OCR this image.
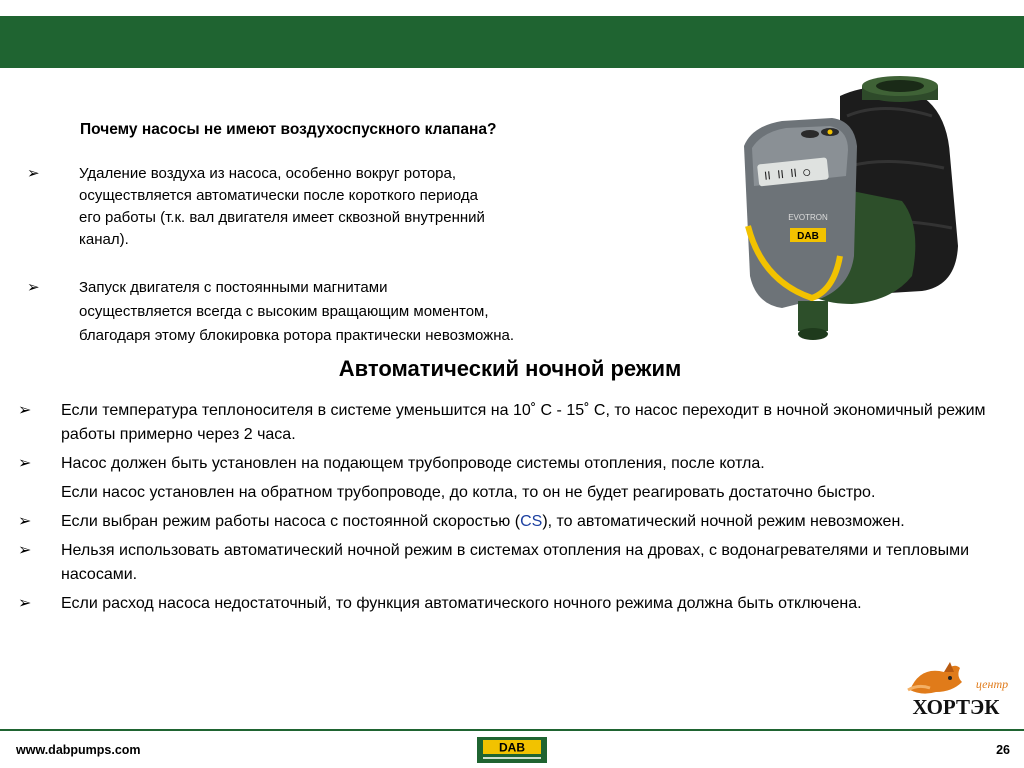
Почему насосы не имеют воздухоспускного клапана?
➢	Удаление воздуха из насоса, особенно вокруг ротора,
осуществляется автоматически после короткого периода
его работы (т.к. вал двигателя имеет сквозной внутренний
канал).
➢	Запуск двигателя с постоянными магнитами
осуществляется всегда с высоким вращающим моментом,
благодаря этому блокировка ротора практически невозможна.
ⅠⅠ ⅠⅠ ⅠⅠ ◯
DAB
EVOTRON
Автоматический ночной режим
➢ Если температура теплоносителя в системе уменьшится на 10˚ С - 15˚ С, то насос переходит в ночной экономичный режим работы примерно через 2 часа.
➢ Насос должен быть установлен на подающем трубопроводе системы отопления, после котла.
Если насос установлен на обратном трубопроводе, до котла, то он не будет реагировать достаточно быстро.
➢ Если выбран режим работы насоса с постоянной скоростью (CS), то автоматический ночной режим невозможен.
➢ Нельзя использовать автоматический ночной режим в системах отопления на дровах, с водонагревателями и тепловыми насосами.
➢ Если расход насоса недостаточный, то функция автоматического ночного режима должна быть отключена.
центр
ХОРТЭК
www.dabpumps.com	DAB	26
